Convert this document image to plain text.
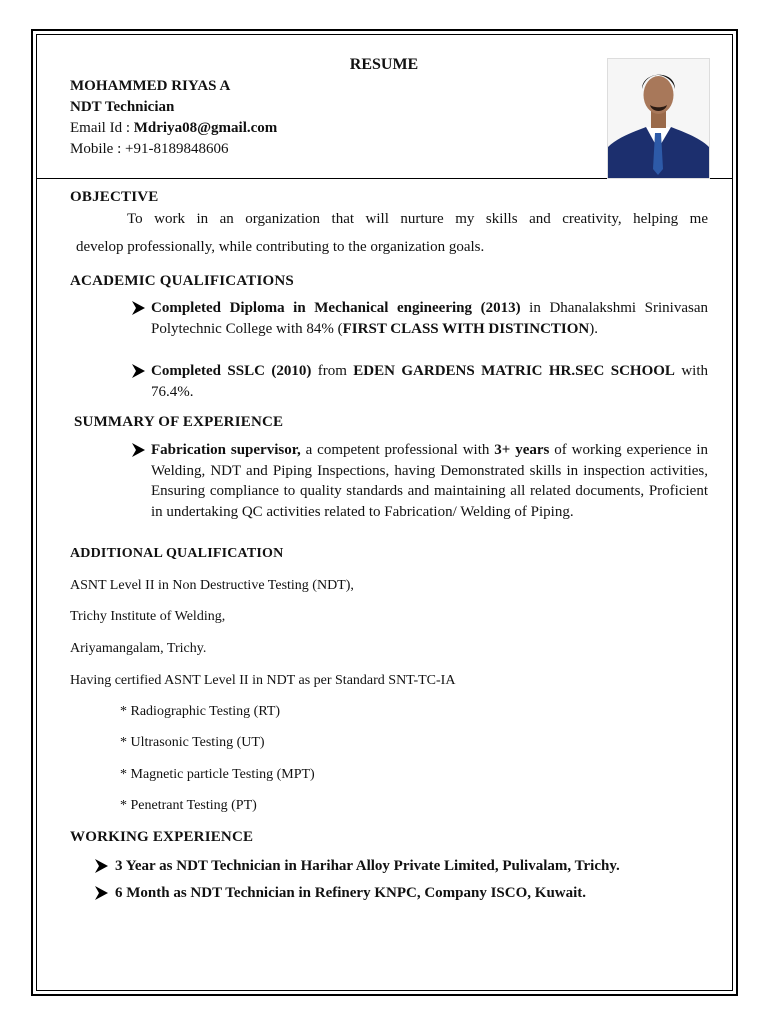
RESUME
MOHAMMED RIYAS A
NDT Technician
Email Id : Mdriya08@gmail.com
Mobile : +91-8189848606
OBJECTIVE
To work in an organization that will nurture my skills and creativity, helping me
develop professionally, while contributing to the organization goals.
ACADEMIC QUALIFICATIONS
Completed Diploma in Mechanical engineering (2013) in Dhanalakshmi Srinivasan Polytechnic College with 84% (FIRST CLASS WITH DISTINCTION).
Completed SSLC (2010) from EDEN GARDENS MATRIC HR.SEC SCHOOL with 76.4%.
SUMMARY OF EXPERIENCE
Fabrication supervisor, a competent professional with 3+ years of working experience in Welding, NDT and Piping Inspections, having Demonstrated skills in inspection activities, Ensuring compliance to quality standards and maintaining all related documents, Proficient in undertaking QC activities related to Fabrication/ Welding of Piping.
ADDITIONAL QUALIFICATION
ASNT Level II in Non Destructive Testing (NDT),
Trichy Institute of Welding,
Ariyamangalam, Trichy.
Having certified ASNT Level II in NDT as per Standard SNT-TC-IA
* Radiographic Testing (RT)
* Ultrasonic Testing (UT)
* Magnetic particle Testing (MPT)
* Penetrant Testing (PT)
WORKING EXPERIENCE
3 Year as NDT Technician in Harihar Alloy Private Limited, Pulivalam, Trichy.
6 Month as NDT Technician in Refinery KNPC, Company ISCO, Kuwait.
